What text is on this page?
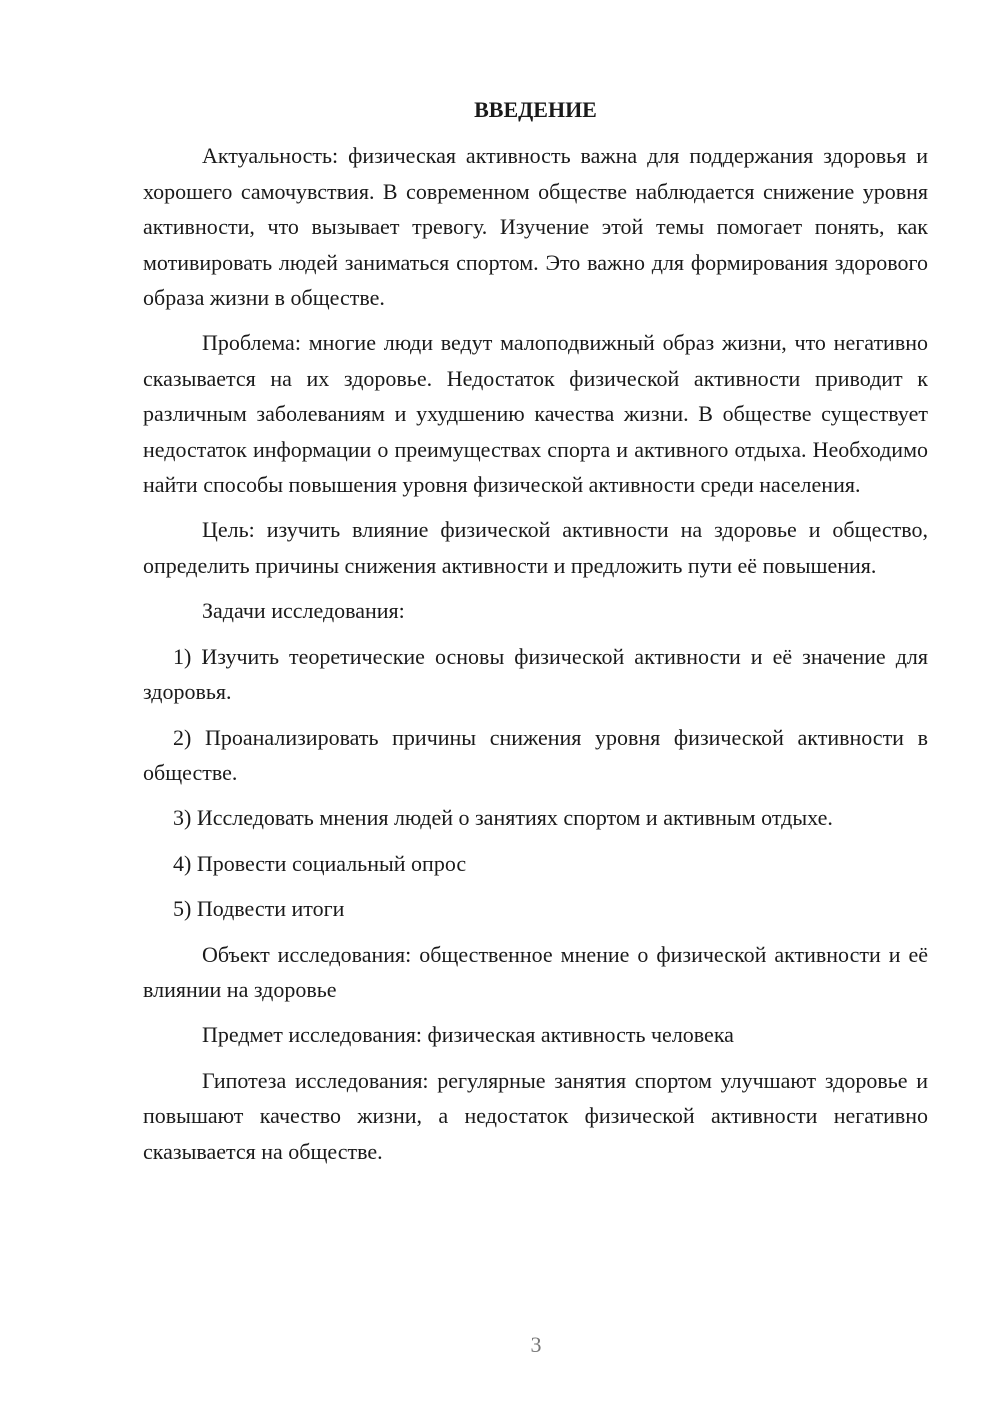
ВВЕДЕНИЕ

Актуальность: физическая активность важна для поддержания здоровья и хорошего самочувствия. В современном обществе наблюдается снижение уровня активности, что вызывает тревогу. Изучение этой темы помогает понять, как мотивировать людей заниматься спортом. Это важно для формирования здорового образа жизни в обществе.

Проблема: многие люди ведут малоподвижный образ жизни, что негативно сказывается на их здоровье. Недостаток физической активности приводит к различным заболеваниям и ухудшению качества жизни. В обществе существует недостаток информации о преимуществах спорта и активного отдыха. Необходимо найти способы повышения уровня физической активности среди населения.

Цель: изучить влияние физической активности на здоровье и общество, определить причины снижения активности и предложить пути её повышения.

Задачи исследования:

1) Изучить теоретические основы физической активности и её значение для здоровья.

2) Проанализировать причины снижения уровня физической активности в обществе.

3) Исследовать мнения людей о занятиях спортом и активным отдыхе.

4) Провести социальный опрос

5) Подвести итоги

Объект исследования: общественное мнение о физической активности и её влиянии на здоровье

Предмет исследования: физическая активность человека

Гипотеза исследования: регулярные занятия спортом улучшают здоровье и повышают качество жизни, а недостаток физической активности негативно сказывается на обществе.

3
